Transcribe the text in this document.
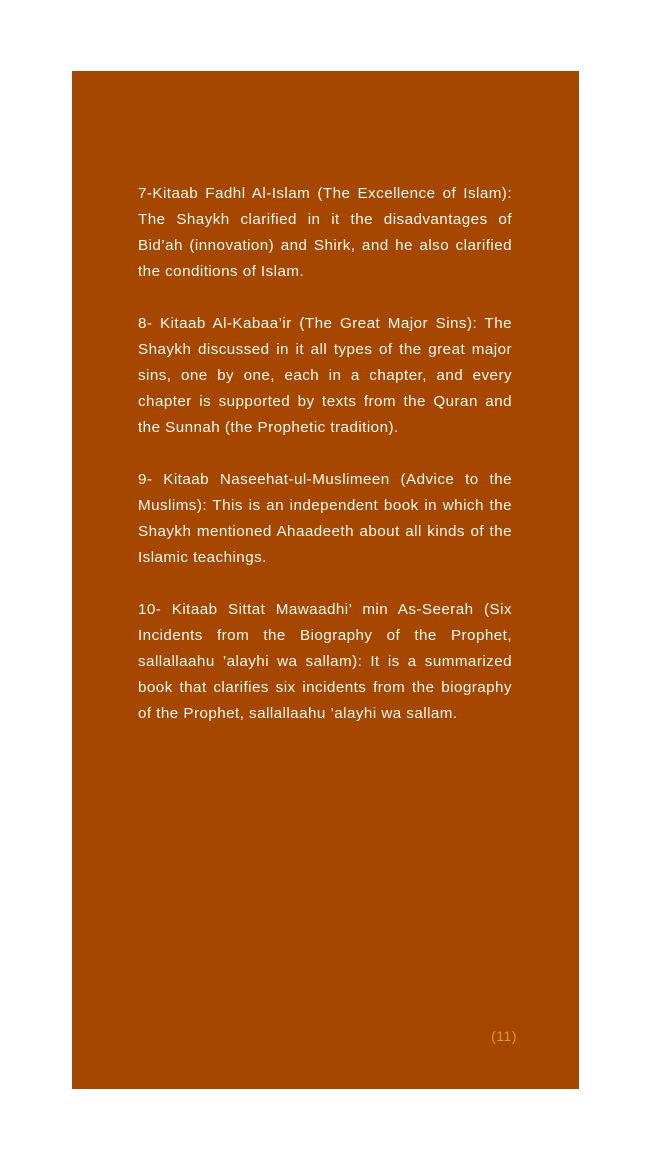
7-Kitaab Fadhl Al-Islam (The Excellence of Islam): The Shaykh clarified in it the disadvantages of Bid’ah (innovation) and Shirk, and he also clarified the conditions of Islam.

8- Kitaab Al-Kabaa’ir (The Great Major Sins): The Shaykh discussed in it all types of the great major sins, one by one, each in a chapter, and every chapter is supported by texts from the Quran and the Sunnah (the Prophetic tradition).

9- Kitaab Naseehat-ul-Muslimeen (Advice to the Muslims): This is an independent book in which the Shaykh mentioned Ahaadeeth about all kinds of the Islamic teachings.

10- Kitaab Sittat Mawaadhi’ min As-Seerah (Six Incidents from the Biography of the Prophet, sallallaahu ’alayhi wa sallam): It is a summarized book that clarifies six incidents from the biography of the Prophet, sallallaahu ’alayhi wa sallam.

(11)
